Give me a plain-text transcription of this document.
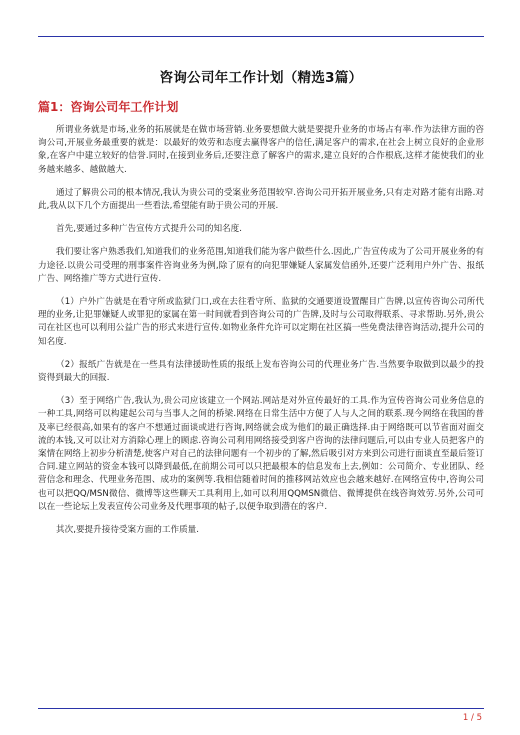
咨询公司年工作计划（精选3篇）
篇1：咨询公司年工作计划

所谓业务就是市场,业务的拓展就是在做市场营销.业务要想做大就是要提升业务的市场占有率.作为法律方面的咨询公司,开展业务最重要的就是：以最好的效劳和态度去赢得客户的信任,满足客户的需求,在社会上树立良好的企业形象,在客户中建立较好的信誉.同时,在接到业务后,还要注意了解客户的需求,建立良好的合作根底,这样才能使我们的业务越来越多、越做越大.

通过了解贵公司的根本情况,我认为贵公司的受案业务范围较窄.咨询公司开拓开展业务,只有走对路才能有出路.对此,我从以下几个方面提出一些看法,希望能有助于贵公司的开展.

首先,要通过多种广告宣传方式提升公司的知名度.

我们要让客户熟悉我们,知道我们的业务范围,知道我们能为客户做些什么.因此,广告宣传成为了公司开展业务的有力途径.以贵公司受理的刑事案件咨询业务为例,除了原有的向犯罪嫌疑人家属发信函外,还要广泛利用户外广告、报纸广告、网络推广等方式进行宣传.

（1）户外广告就是在看守所或监狱门口,或在去往看守所、监狱的交通要道设置醒目广告牌,以宣传咨询公司所代理的业务,让犯罪嫌疑人或罪犯的家属在第一时间就看到咨询公司的广告牌,及时与公司取得联系、寻求帮助.另外,贵公司在社区也可以利用公益广告的形式来进行宣传.如物业条件允许可以定期在社区搞一些免费法律咨询活动,提升公司的知名度.

（2）报纸广告就是在一些具有法律援助性质的报纸上发布咨询公司的代理业务广告.当然要争取做到以最少的投资得到最大的回报.

（3）至于网络广告,我认为,贵公司应该建立一个网站.网站是对外宣传最好的工具.作为宣传咨询公司业务信息的一种工具,网络可以构建起公司与当事人之间的桥梁.网络在日常生活中方便了人与人之间的联系.现今网络在我国的普及率已经很高,如果有的客户不想通过面谈或进行咨询,网络就会成为他们的最正确选择.由于网络既可以节省面对面交流的本钱,又可以让对方消除心理上的顾虑.咨询公司利用网络接受到客户咨询的法律问题后,可以由专业人员把客户的案情在网络上初步分析清楚,使客户对自己的法律问题有一个初步的了解,然后吸引对方来到公司进行面谈直至最后签订合同.建立网站的资金本钱可以降到最低,在前期公司可以只把最根本的信息发布上去,例如：公司简介、专业团队、经营信念和理念、代理业务范围、成功的案例等.我相信随着时间的推移网站效应也会越来越好.在网络宣传中,咨询公司也可以把QQ/MSN微信、微博等这些聊天工具利用上,如可以利用QQMSN微信、微博提供在线咨询效劳.另外,公司可以在一些论坛上发表宣传公司业务及代理事项的帖子,以便争取到潜在的客户.

其次,要提升接待受案方面的工作质量.

1 / 5
